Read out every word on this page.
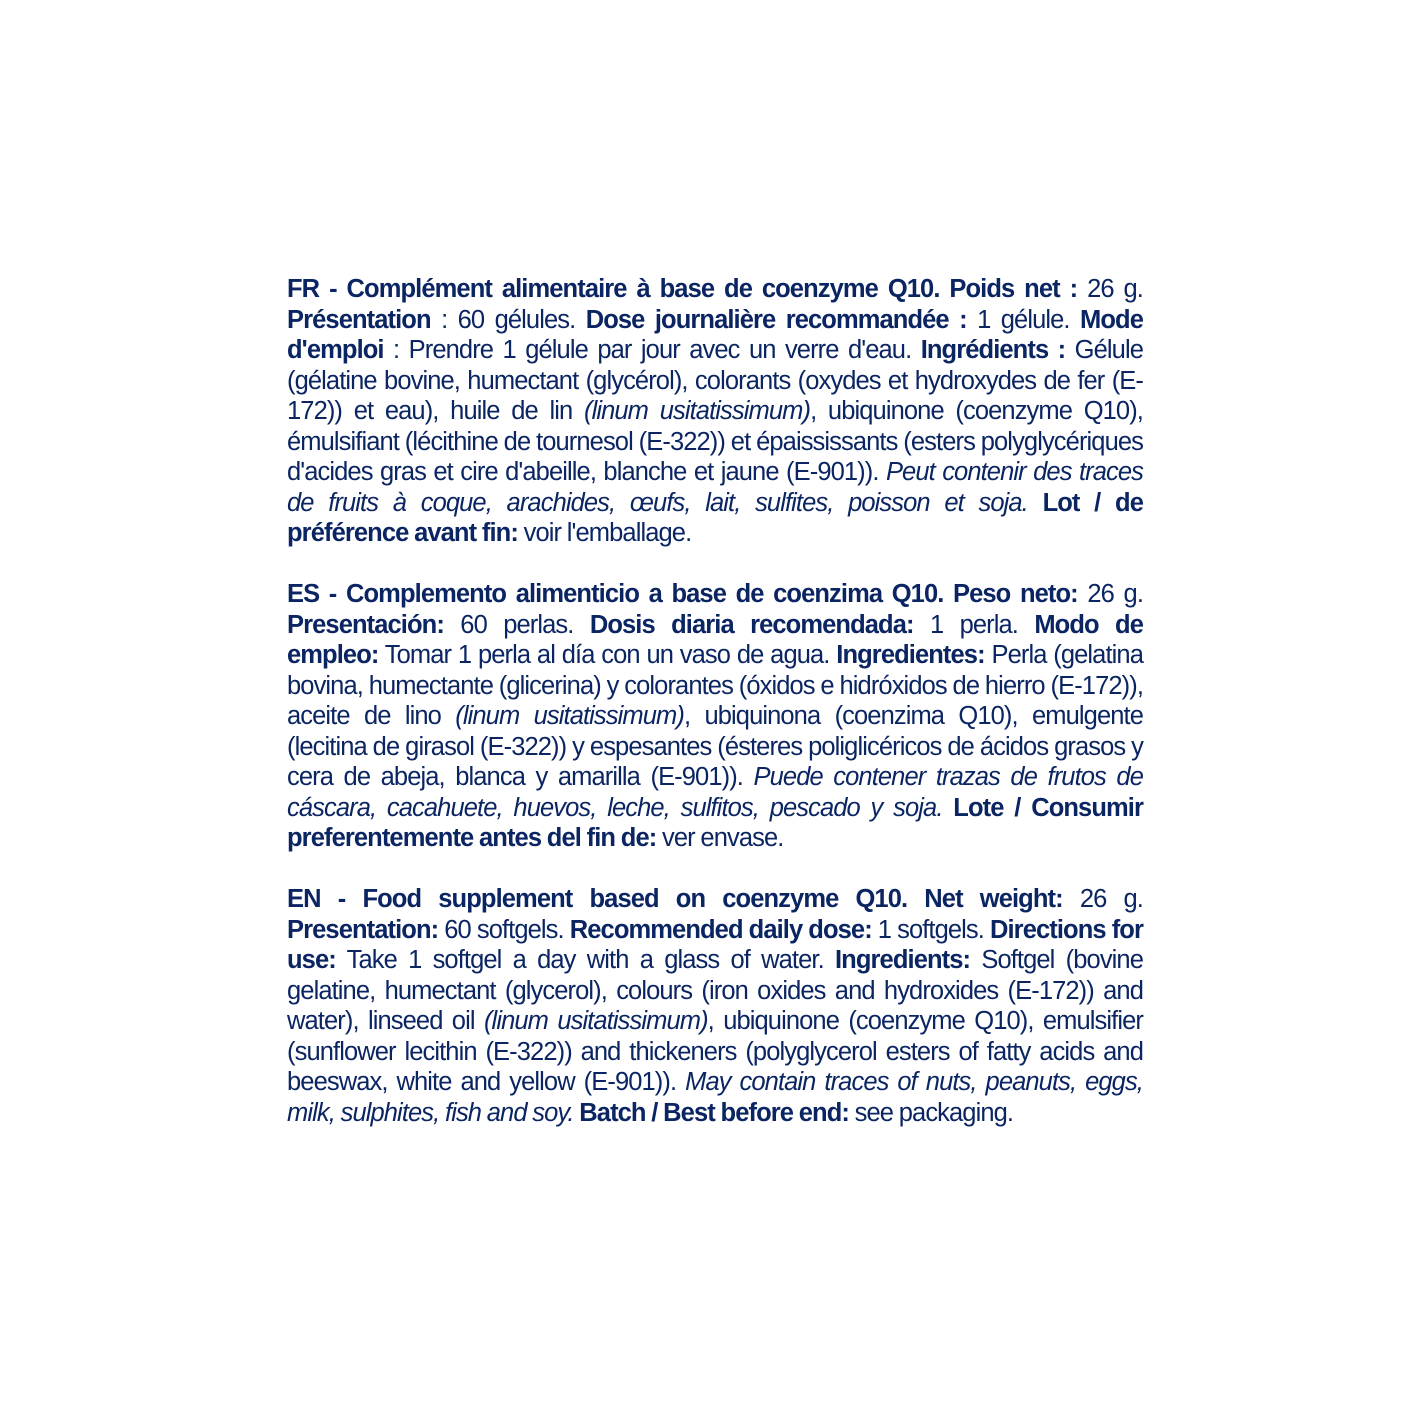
FR - Complément alimentaire à base de coenzyme Q10. Poids net : 26 g. Présentation : 60 gélules. Dose journalière recommandée : 1 gélule. Mode d'emploi : Prendre 1 gélule par jour avec un verre d'eau. Ingrédients : Gélule (gélatine bovine, humectant (glycérol), colorants (oxydes et hydroxydes de fer (E-172)) et eau), huile de lin (linum usitatissimum), ubiquinone (coenzyme Q10), émulsifiant (lécithine de tournesol (E-322)) et épaississants (esters polyglycériques d'acides gras et cire d'abeille, blanche et jaune (E-901)). Peut contenir des traces de fruits à coque, arachides, œufs, lait, sulfites, poisson et soja. Lot / de préférence avant fin: voir l'emballage.

ES - Complemento alimenticio a base de coenzima Q10. Peso neto: 26 g. Presentación: 60 perlas. Dosis diaria recomendada: 1 perla. Modo de empleo: Tomar 1 perla al día con un vaso de agua. Ingredientes: Perla (gelatina bovina, humectante (glicerina) y colorantes (óxidos e hidróxidos de hierro (E-172)), aceite de lino (linum usitatissimum), ubiquinona (coenzima Q10), emulgente (lecitina de girasol (E-322)) y espesantes (ésteres poliglicéricos de ácidos grasos y cera de abeja, blanca y amarilla (E-901)). Puede contener trazas de frutos de cáscara, cacahuete, huevos, leche, sulfitos, pescado y soja. Lote / Consumir preferentemente antes del fin de: ver envase.

EN - Food supplement based on coenzyme Q10. Net weight: 26 g. Presentation: 60 softgels. Recommended daily dose: 1 softgels. Directions for use: Take 1 softgel a day with a glass of water. Ingredients: Softgel (bovine gelatine, humectant (glycerol), colours (iron oxides and hydroxides (E-172)) and water), linseed oil (linum usitatissimum), ubiquinone (coenzyme Q10), emulsifier (sunflower lecithin (E-322)) and thickeners (polyglycerol esters of fatty acids and beeswax, white and yellow (E-901)). May contain traces of nuts, peanuts, eggs, milk, sulphites, fish and soy. Batch / Best before end: see packaging.
